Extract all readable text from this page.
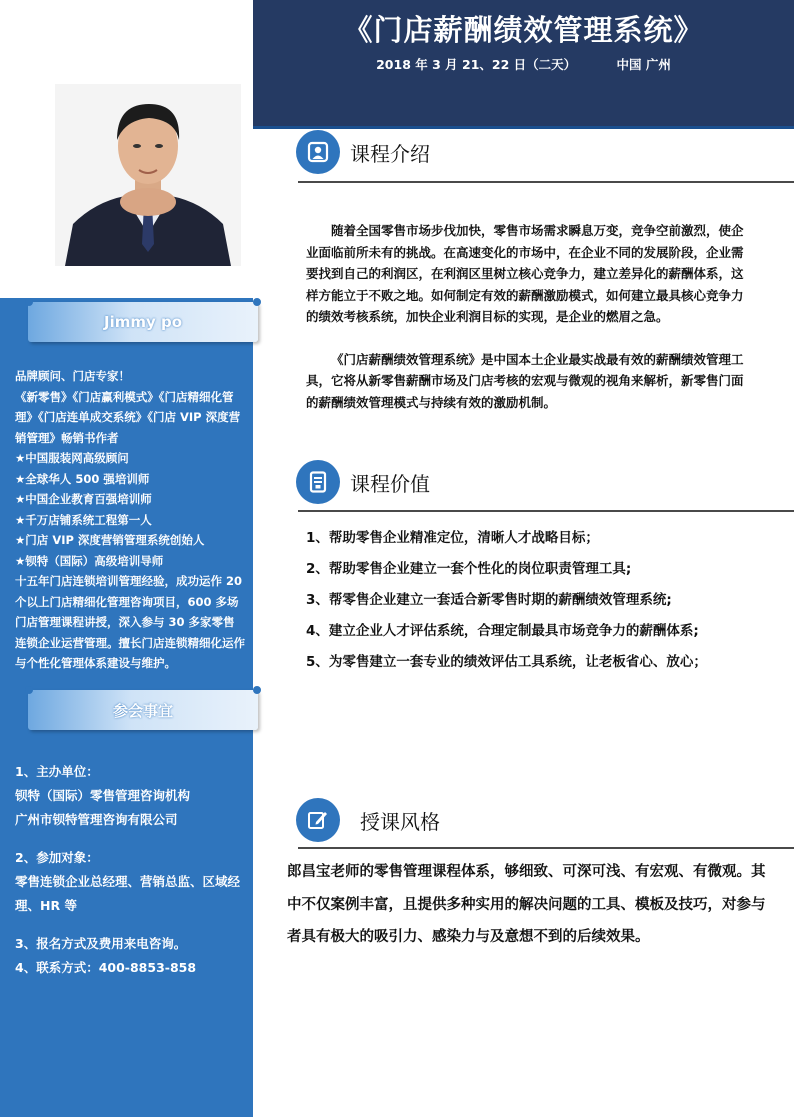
Jimmy po

品牌顾问、门店专家！

《新零售》《门店赢利模式》《门店精细化管理》《门店连单成交系统》《门店 VIP 深度营销管理》畅销书作者

★中国服装网高级顾问

★全球华人 500 强培训师

★中国企业教育百强培训师

★千万店铺系统工程第一人

★门店 VIP 深度营销管理系统创始人

★钡特（国际）高级培训导师

十五年门店连锁培训管理经验，成功运作 20 个以上门店精细化管理咨询项目，600 多场门店管理课程讲授，深入参与 30 多家零售连锁企业运营管理。擅长门店连锁精细化运作与个性化管理体系建设与维护。

参会事宜

1、主办单位：

钡特（国际）零售管理咨询机构

广州市钡特管理咨询有限公司

2、参加对象：

零售连锁企业总经理、营销总监、区域经理、HR 等

3、报名方式及费用来电咨询。

4、联系方式：400-8853-858

《门店薪酬绩效管理系统》
2018 年 3 月 21、22 日（二天）	中国 广州
课程介绍

随着全国零售市场步伐加快，零售市场需求瞬息万变，竞争空前激烈，使企业面临前所未有的挑战。在高速变化的市场中，在企业不同的发展阶段，企业需要找到自己的利润区，在利润区里树立核心竞争力，建立差异化的薪酬体系，这样方能立于不败之地。如何制定有效的薪酬激励模式，如何建立最具核心竞争力的绩效考核系统，加快企业利润目标的实现，是企业的燃眉之急。

《门店薪酬绩效管理系统》是中国本土企业最实战最有效的薪酬绩效管理工具，它将从新零售薪酬市场及门店考核的宏观与微观的视角来解析，新零售门面的薪酬绩效管理模式与持续有效的激励机制。

课程价值

1、帮助零售企业精准定位，清晰人才战略目标；

2、帮助零售企业建立一套个性化的岗位职责管理工具;

3、帮零售企业建立一套适合新零售时期的薪酬绩效管理系统;

4、建立企业人才评估系统，合理定制最具市场竞争力的薪酬体系;

5、为零售建立一套专业的绩效评估工具系统，让老板省心、放心；

授课风格
郎昌宝老师的零售管理课程体系，够细致、可深可浅、有宏观、有微观。其中不仅案例丰富，且提供多种实用的解决问题的工具、模板及技巧，对参与者具有极大的吸引力、感染力与及意想不到的后续效果。
